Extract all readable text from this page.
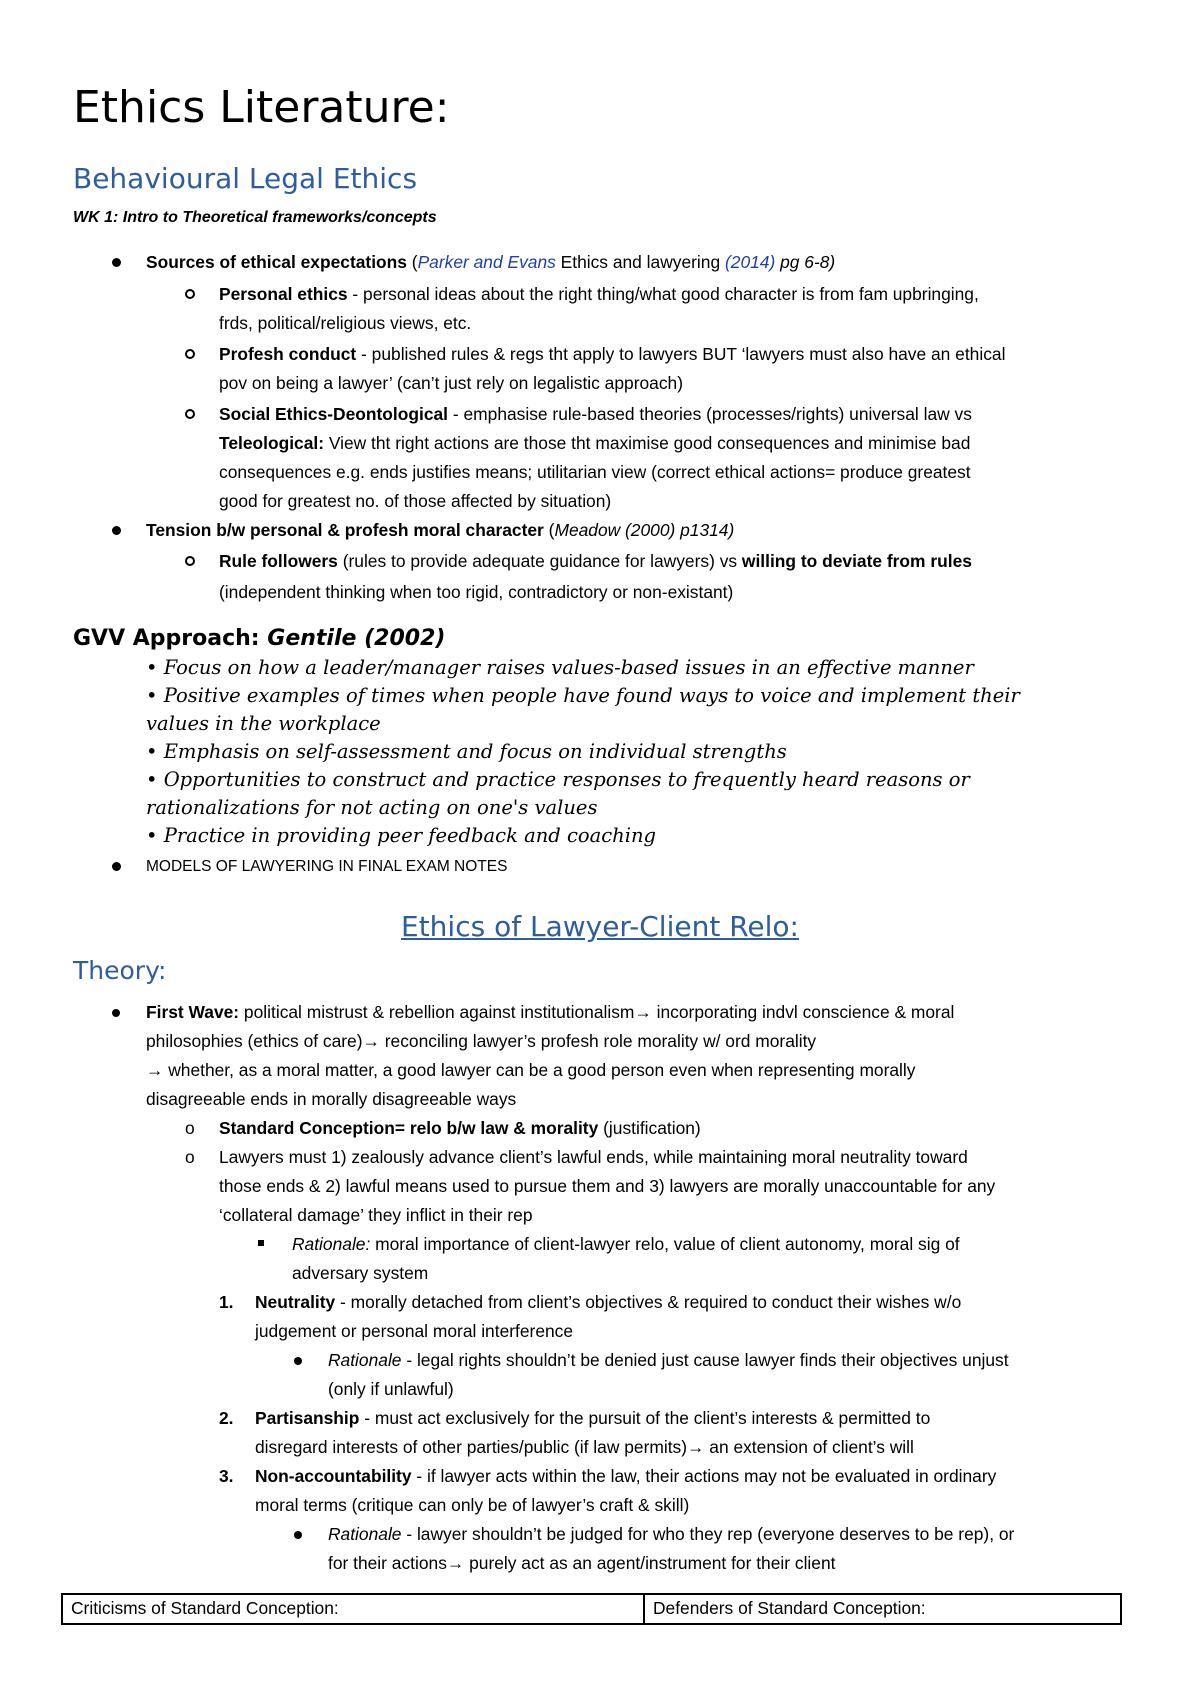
Ethics Literature:
Behavioural Legal Ethics
WK 1: Intro to Theoretical frameworks/concepts
Sources of ethical expectations (Parker and Evans Ethics and lawyering (2014) pg 6-8)
Personal ethics - personal ideas about the right thing/what good character is from fam upbringing,
frds, political/religious views, etc.
Profesh conduct - published rules & regs tht apply to lawyers BUT ‘lawyers must also have an ethical
pov on being a lawyer’ (can’t just rely on legalistic approach)
Social Ethics-Deontological - emphasise rule-based theories (processes/rights) universal law vs
Teleological: View tht right actions are those tht maximise good consequences and minimise bad
consequences e.g. ends justifies means; utilitarian view (correct ethical actions= produce greatest
good for greatest no. of those affected by situation)
Tension b/w personal & profesh moral character (Meadow (2000) p1314)
Rule followers (rules to provide adequate guidance for lawyers) vs willing to deviate from rules
(independent thinking when too rigid, contradictory or non-existant)
GVV Approach: Gentile (2002)
• Focus on how a leader/manager raises values-based issues in an effective manner
• Positive examples of times when people have found ways to voice and implement their
values in the workplace
• Emphasis on self-assessment and focus on individual strengths
• Opportunities to construct and practice responses to frequently heard reasons or
rationalizations for not acting on one's values
• Practice in providing peer feedback and coaching
MODELS OF LAWYERING IN FINAL EXAM NOTES
Ethics of Lawyer-Client Relo:
Theory:
First Wave: political mistrust & rebellion against institutionalism→ incorporating indvl conscience & moral
philosophies (ethics of care)→ reconciling lawyer’s profesh role morality w/ ord morality
→ whether, as a moral matter, a good lawyer can be a good person even when representing morally
disagreeable ends in morally disagreeable ways
o Standard Conception= relo b/w law & morality (justification)
o Lawyers must 1) zealously advance client’s lawful ends, while maintaining moral neutrality toward
those ends & 2) lawful means used to pursue them and 3) lawyers are morally unaccountable for any
‘collateral damage’ they inflict in their rep
Rationale: moral importance of client-lawyer relo, value of client autonomy, moral sig of
adversary system
1. Neutrality - morally detached from client’s objectives & required to conduct their wishes w/o
judgement or personal moral interference
Rationale - legal rights shouldn’t be denied just cause lawyer finds their objectives unjust
(only if unlawful)
2. Partisanship - must act exclusively for the pursuit of the client’s interests & permitted to
disregard interests of other parties/public (if law permits)→ an extension of client’s will
3. Non-accountability - if lawyer acts within the law, their actions may not be evaluated in ordinary
moral terms (critique can only be of lawyer’s craft & skill)
Rationale - lawyer shouldn’t be judged for who they rep (everyone deserves to be rep), or
for their actions→ purely act as an agent/instrument for their client
Criticisms of Standard Conception:	Defenders of Standard Conception:
